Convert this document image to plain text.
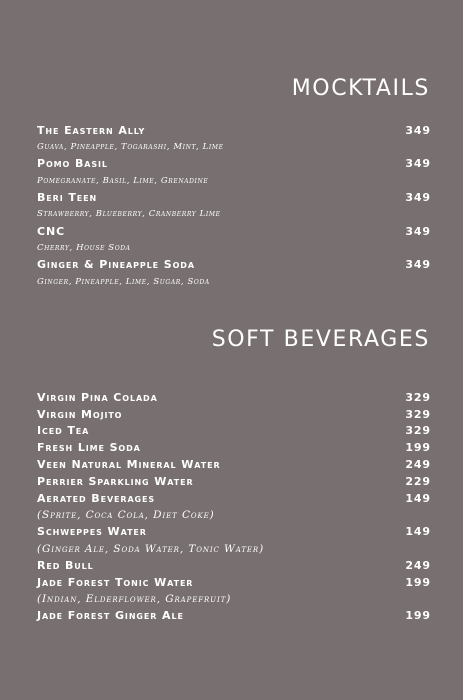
MOCKTAILS
The Eastern Ally	349
Guava, Pineapple, Togarashi, Mint, Lime
Pomo Basil	349
Pomegranate, Basil, Lime, Grenadine
Beri Teen	349
Strawberry, Blueberry, Cranberry Lime
CNC	349
Cherry, House Soda
Ginger & Pineapple Soda	349
Ginger, Pineapple, Lime, Sugar, Soda
SOFT BEVERAGES
Virgin Pina Colada	329
Virgin Mojito	329
Iced Tea	329
Fresh Lime Soda	199
Veen Natural Mineral Water	249
Perrier Sparkling Water	229
Aerated Beverages	149
(Sprite, Coca Cola, Diet Coke)
Schweppes Water	149
(Ginger Ale, Soda Water, Tonic Water)
Red Bull	249
Jade Forest Tonic Water	199
(Indian, Elderflower, Grapefruit)
Jade Forest Ginger Ale	199
